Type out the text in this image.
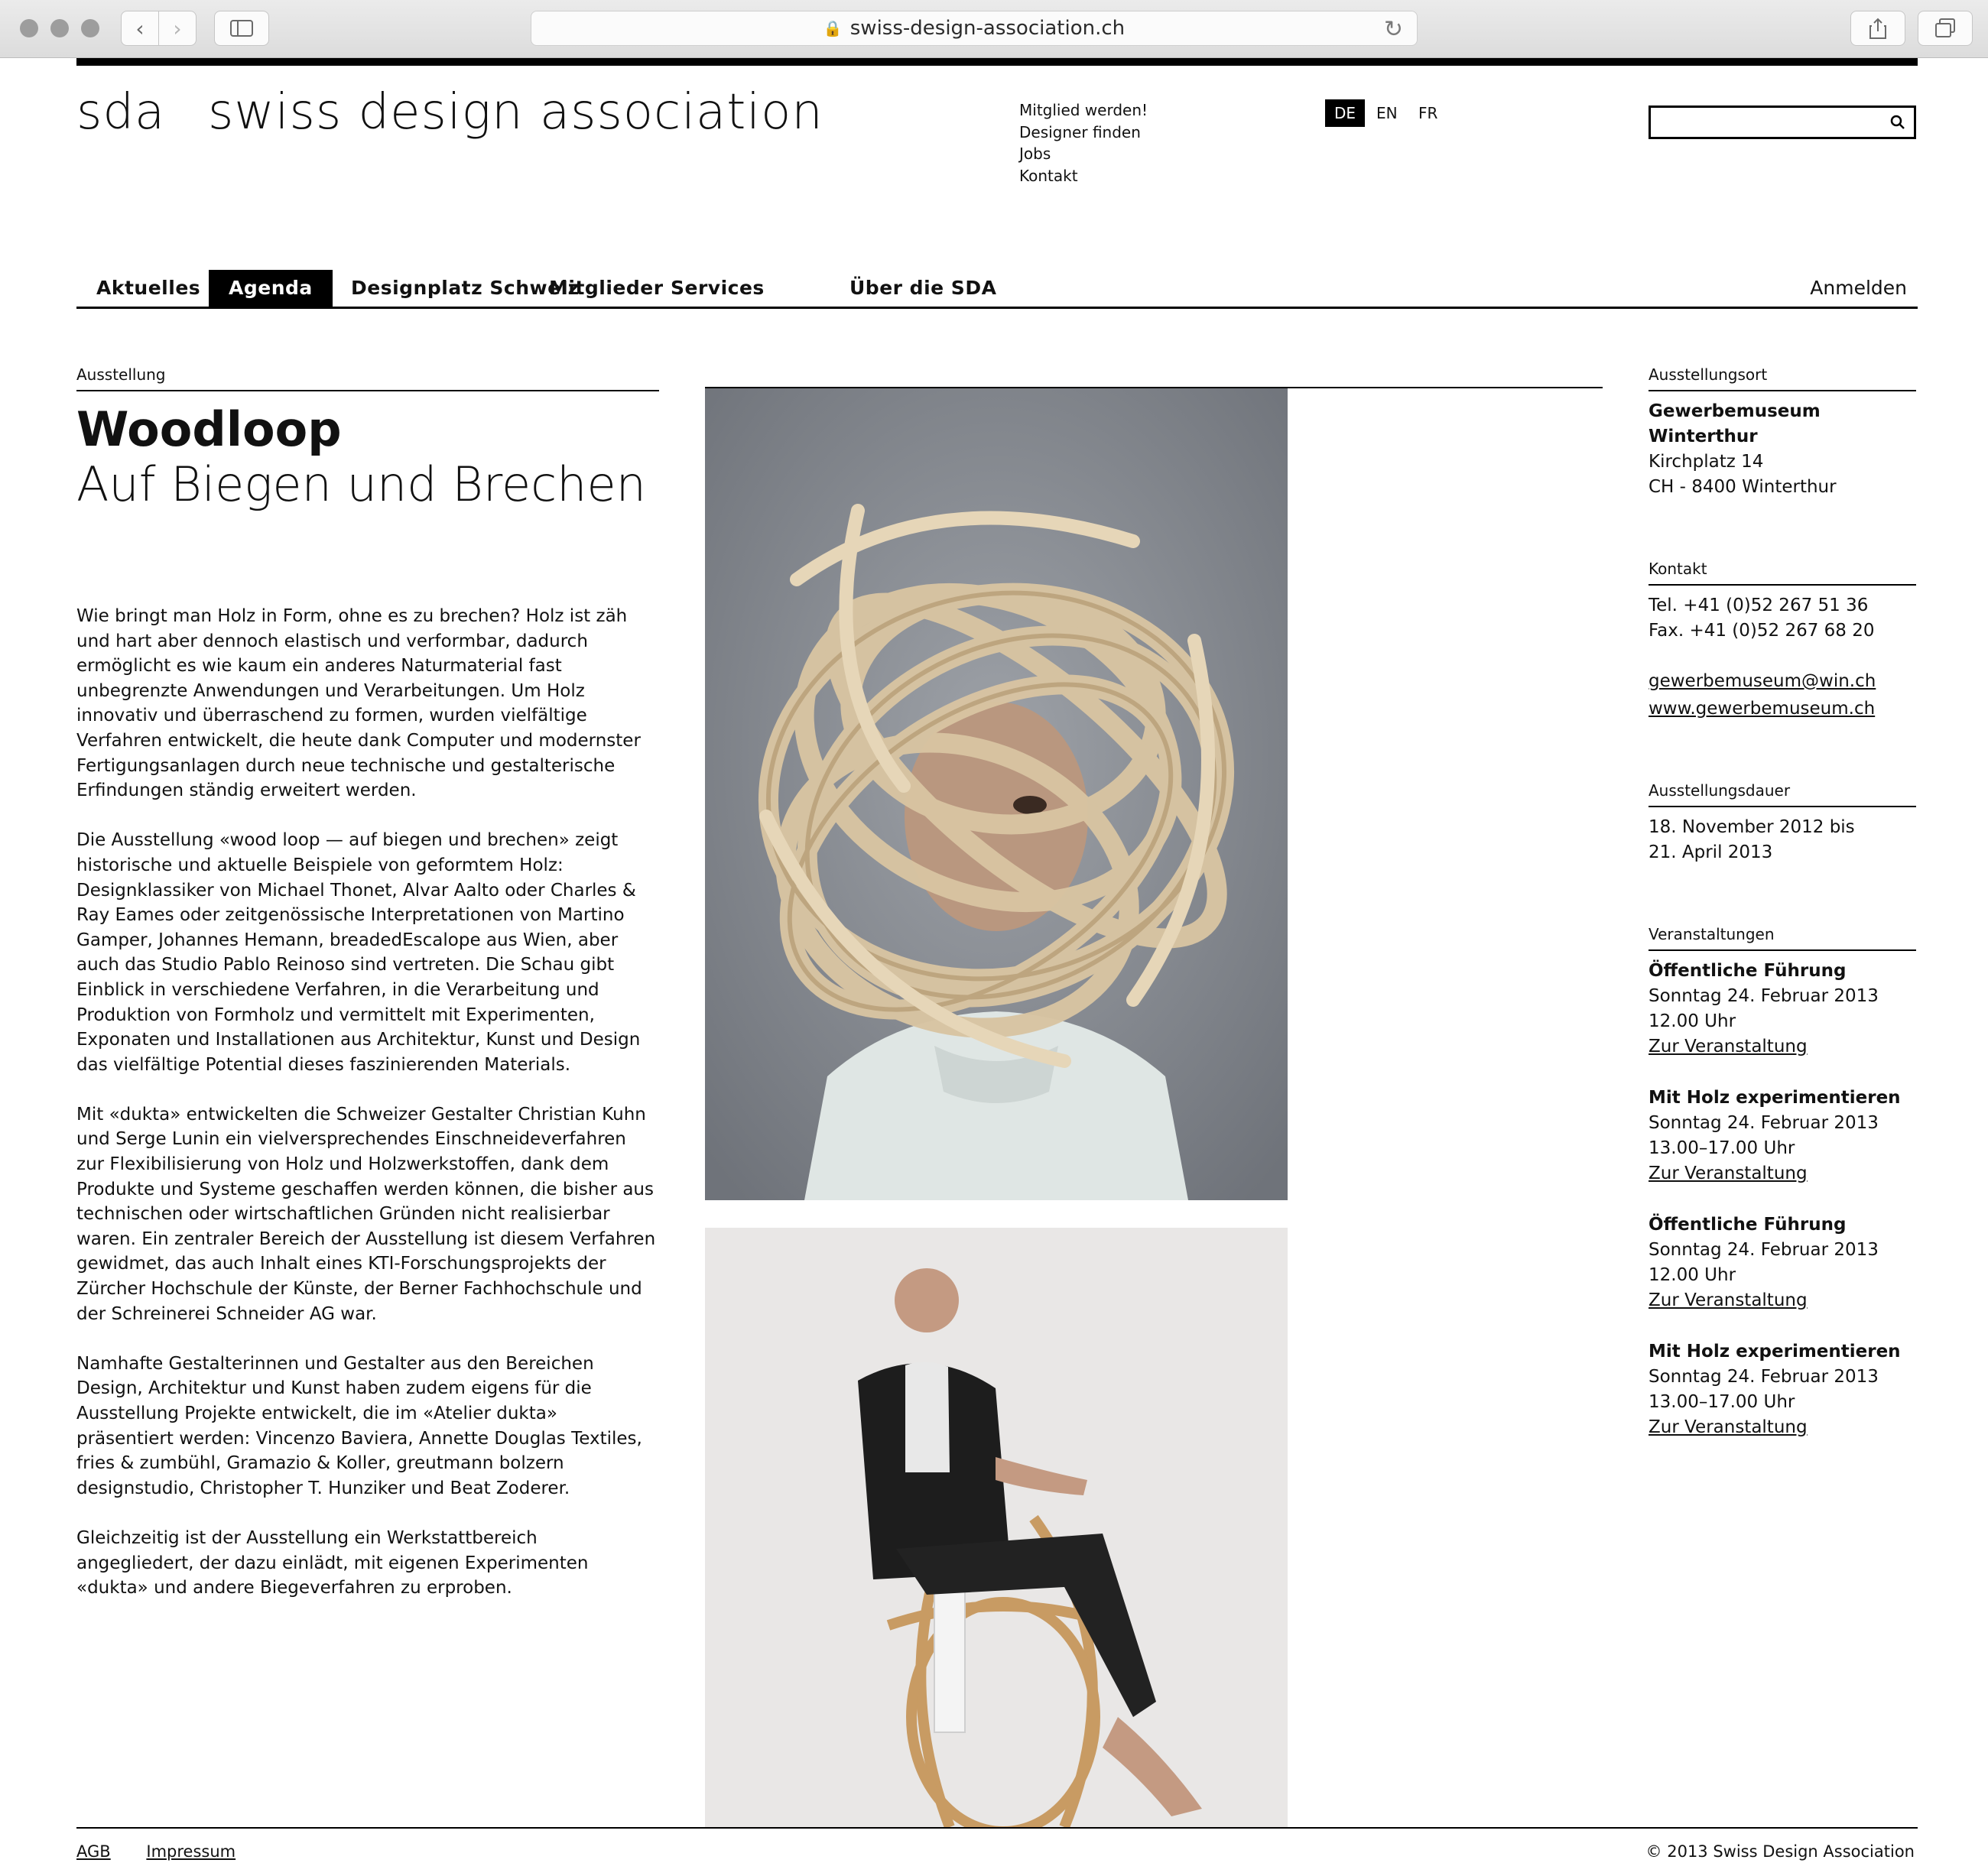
‹ ›	🔒 swiss-design-association.ch	↻
sda swiss design association	Mitglied werden!
Designer finden
Jobs
Kontakt
DE	EN	FR
Aktuelles	Agenda	Designplatz Schweiz
Mitglieder Services	Über die SDA	Anmelden
Ausstellung
Woodloop
Auf Biegen und Brechen

Wie bringt man Holz in Form, ohne es zu brechen? Holz ist zäh und hart aber dennoch elastisch und verformbar, dadurch ermöglicht es wie kaum ein anderes Naturmaterial fast unbegrenzte Anwendungen und Verarbeitungen. Um Holz innovativ und überraschend zu formen, wurden vielfältige Verfahren entwickelt, die heute dank Computer und modernster Fertigungsanlagen durch neue technische und gestalterische Erfindungen ständig erweitert werden.

Die Ausstellung «wood loop — auf biegen und brechen» zeigt historische und aktuelle Beispiele von geformtem Holz: Designklassiker von Michael Thonet, Alvar Aalto oder Charles & Ray Eames oder zeitgenössische Interpretationen von Martino Gamper, Johannes Hemann, breadedEscalope aus Wien, aber auch das Studio Pablo Reinoso sind vertreten. Die Schau gibt Einblick in verschiedene Verfahren, in die Verarbeitung und Produktion von Formholz und vermittelt mit Experimenten, Exponaten und Installationen aus Architektur, Kunst und Design das vielfältige Potential dieses faszinierenden Materials.

Mit «dukta» entwickelten die Schweizer Gestalter Christian Kuhn und Serge Lunin ein vielversprechendes Einschneideverfahren zur Flexibilisierung von Holz und Holzwerkstoffen, dank dem Produkte und Systeme geschaffen werden können, die bisher aus technischen oder wirtschaftlichen Gründen nicht realisierbar waren. Ein zentraler Bereich der Ausstellung ist diesem Verfahren gewidmet, das auch Inhalt eines KTI-Forschungsprojekts der Zürcher Hochschule der Künste, der Berner Fachhochschule und der Schreinerei Schneider AG war.

Namhafte Gestalterinnen und Gestalter aus den Bereichen Design, Architektur und Kunst haben zudem eigens für die Ausstellung Projekte entwickelt, die im «Atelier dukta» präsentiert werden: Vincenzo Baviera, Annette Douglas Textiles, fries & zumbühl, Gramazio & Koller, greutmann bolzern designstudio, Christopher T. Hunziker und Beat Zoderer.

Gleichzeitig ist der Ausstellung ein Werkstattbereich angegliedert, der dazu einlädt, mit eigenen Experimenten «dukta» und andere Biegeverfahren zu erproben.

Ausstellungsort
Gewerbemuseum Winterthur
Kirchplatz 14
CH - 8400 Winterthur
Kontakt
Tel. +41 (0)52 267 51 36
Fax. +41 (0)52 267 68 20
gewerbemuseum@win.ch
www.gewerbemuseum.ch
Ausstellungsdauer
18. November 2012 bis
21. April 2013
Veranstaltungen
Öffentliche Führung
Sonntag 24. Februar 2013
12.00 Uhr
Zur Veranstaltung
Mit Holz experimentieren
Sonntag 24. Februar 2013
13.00–17.00 Uhr
Zur Veranstaltung
Öffentliche Führung
Sonntag 24. Februar 2013
12.00 Uhr
Zur Veranstaltung
Mit Holz experimentieren
Sonntag 24. Februar 2013
13.00–17.00 Uhr
Zur Veranstaltung
AGB Impressum	© 2013 Swiss Design Association
